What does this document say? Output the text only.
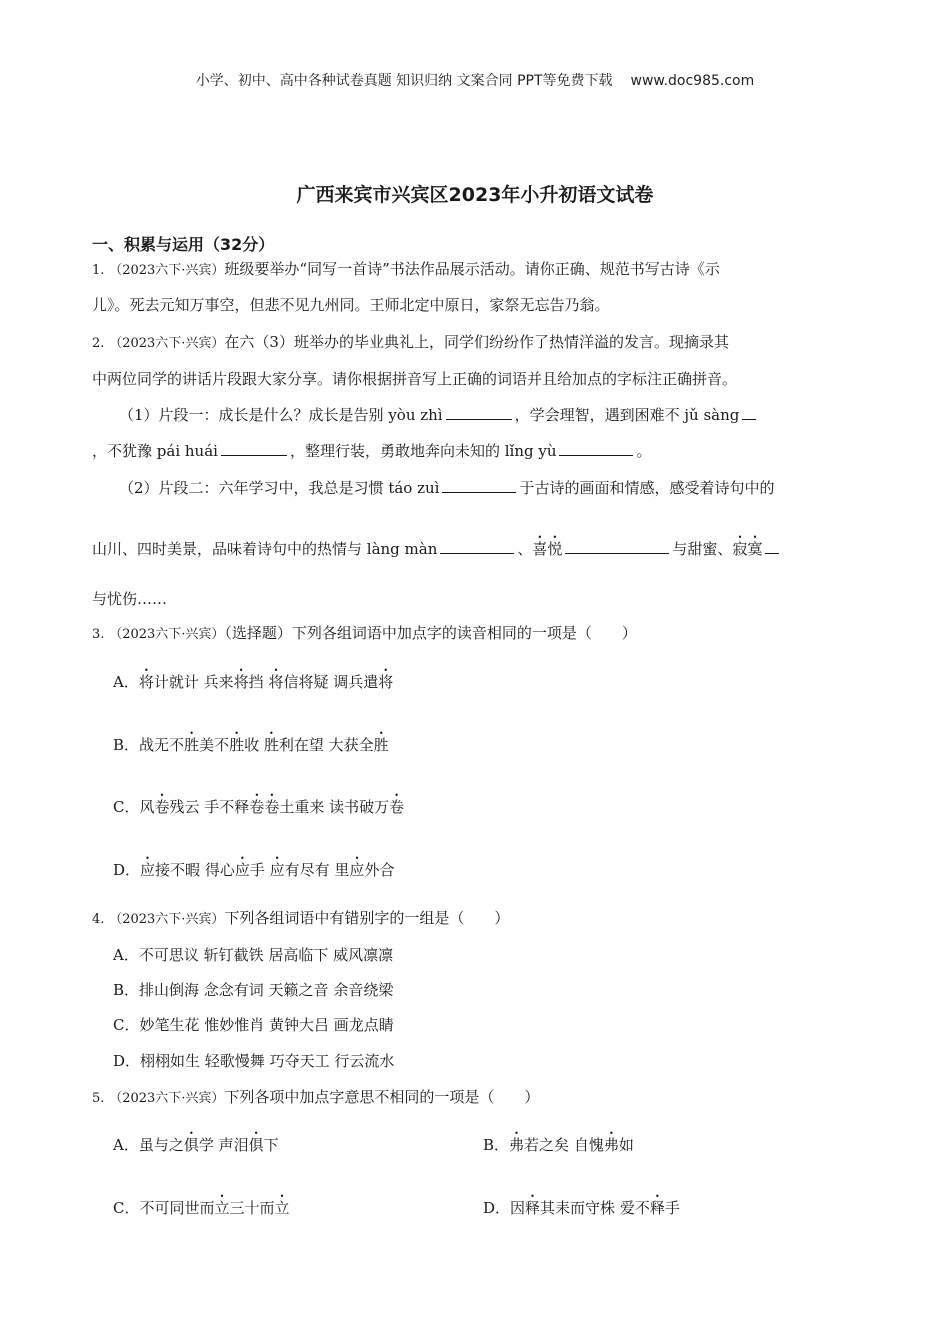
小学、初中、高中各种试卷真题 知识归纳 文案合同 PPT等免费下载 www.doc985.com
广西来宾市兴宾区2023年小升初语文试卷
一、积累与运用（32分）
1. （2023六下·兴宾）班级要举办“同写一首诗”书法作品展示活动。请你正确、规范书写古诗《示
儿》。死去元知万事空，但悲不见九州同。王师北定中原日，家祭无忘告乃翁。
2. （2023六下·兴宾）在六（3）班举办的毕业典礼上，同学们纷纷作了热情洋溢的发言。现摘录其
中两位同学的讲话片段跟大家分享。请你根据拼音写上正确的词语并且给加点的字标注正确拼音。
（1）片段一：成长是什么？成长是告别 yòu zhì	，学会理智，遇到困难不 jǔ sàng
，不犹豫 pái huái	，整理行装，勇敢地奔向未知的 lǐng yù	。
（2）片段二：六年学习中，我总是习惯 táo zuì	于古诗的画面和情感，感受着诗句中的
山川、四时美景，品味着诗句中的热情与 làng màn	、喜悦	与甜蜜、寂寞
与忧伤……
3. （2023六下·兴宾）（选择题）下列各组词语中加点字的读音相同的一项是（　　）
A．将计就计 兵来将挡 将信将疑 调兵遣将
B．战无不胜美不胜收 胜利在望 大获全胜
C．风卷残云 手不释卷卷土重来 读书破万卷
D．应接不暇 得心应手 应有尽有 里应外合
4. （2023六下·兴宾）下列各组词语中有错别字的一组是（　　）
A．不可思议 斩钉截铁 居高临下 威风凛凛
B．排山倒海 念念有词 天籁之音 余音绕梁
C．妙笔生花 惟妙惟肖 黄钟大吕 画龙点睛
D．栩栩如生 轻歌慢舞 巧夺天工 行云流水
5. （2023六下·兴宾）下列各项中加点字意思不相同的一项是（　　）
A．虽与之俱学 声泪俱下	B．弗若之矣 自愧弗如
C．不可同世而立三十而立	D．因释其耒而守株 爱不释手
